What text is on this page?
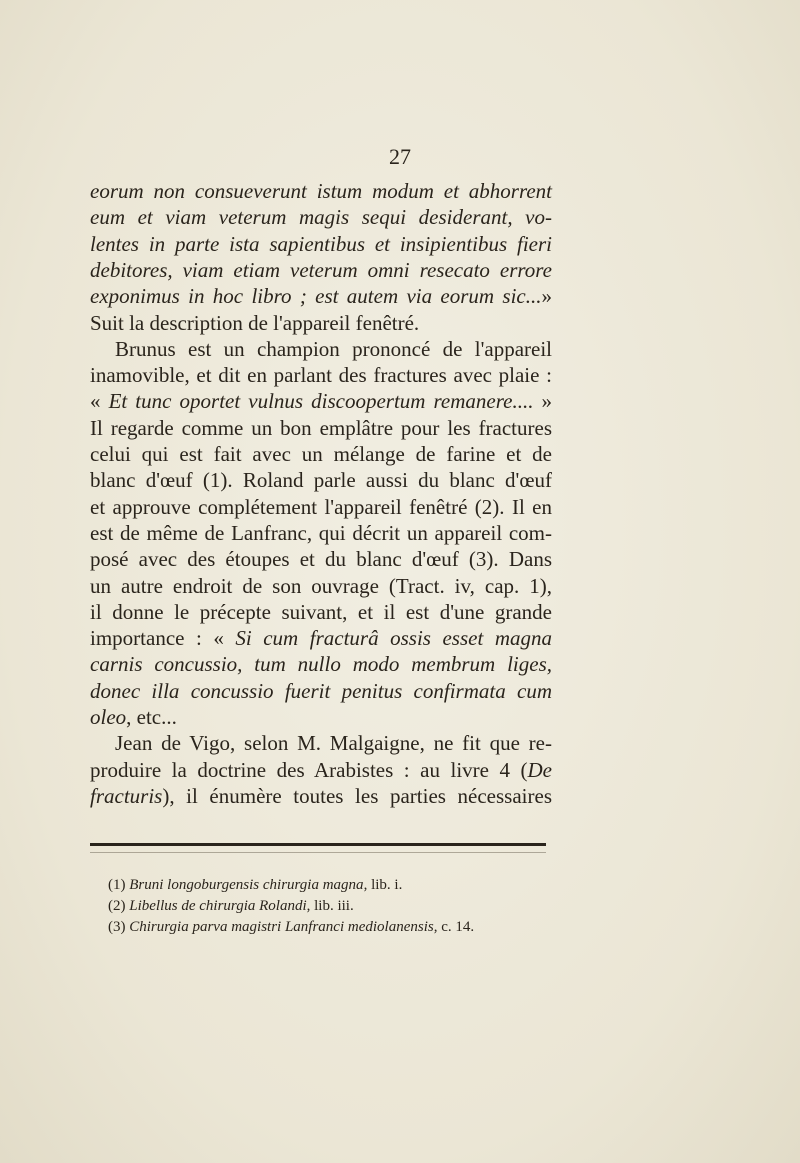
27
eorum non consueverunt istum modum et abhorrent
eum et viam veterum magis sequi desiderant, vo-
lentes in parte ista sapientibus et insipientibus fieri
debitores, viam etiam veterum omni resecato errore
exponimus in hoc libro ; est autem via eorum sic...»
Suit la description de l'appareil fenêtré.
Brunus est un champion prononcé de l'appareil
inamovible, et dit en parlant des fractures avec plaie :
« Et tunc oportet vulnus discoopertum remanere.... »
Il regarde comme un bon emplâtre pour les fractures
celui qui est fait avec un mélange de farine et de
blanc d'œuf (1). Roland parle aussi du blanc d'œuf
et approuve complétement l'appareil fenêtré (2). Il en
est de même de Lanfranc, qui décrit un appareil com-
posé avec des étoupes et du blanc d'œuf (3). Dans
un autre endroit de son ouvrage (Tract. iv, cap. 1),
il donne le précepte suivant, et il est d'une grande
importance : « Si cum fracturâ ossis esset magna
carnis concussio, tum nullo modo membrum liges,
donec illa concussio fuerit penitus confirmata cum
oleo, etc...
Jean de Vigo, selon M. Malgaigne, ne fit que re-
produire la doctrine des Arabistes : au livre 4 (De
fracturis), il énumère toutes les parties nécessaires
(1) Bruni longoburgensis chirurgia magna, lib. i.
(2) Libellus de chirurgia Rolandi, lib. iii.
(3) Chirurgia parva magistri Lanfranci mediolanensis, c. 14.
